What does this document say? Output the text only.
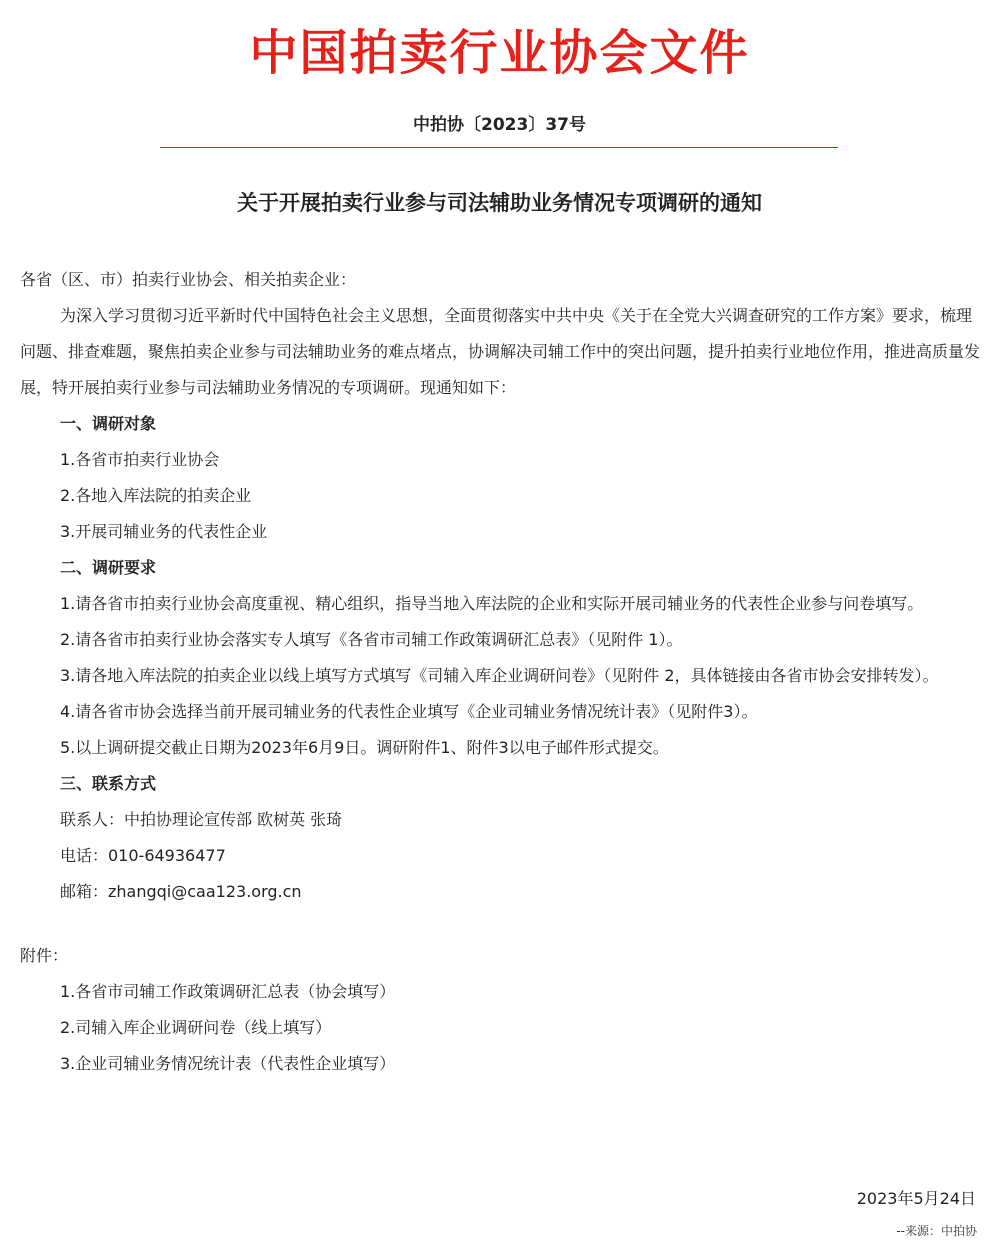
中国拍卖行业协会文件
中拍协〔2023〕37号
关于开展拍卖行业参与司法辅助业务情况专项调研的通知

各省（区、市）拍卖行业协会、相关拍卖企业：

为深入学习贯彻习近平新时代中国特色社会主义思想，全面贯彻落实中共中央《关于在全党大兴调查研究的工作方案》要求，梳理问题、排查难题，聚焦拍卖企业参与司法辅助业务的难点堵点，协调解决司辅工作中的突出问题，提升拍卖行业地位作用，推进高质量发展，特开展拍卖行业参与司法辅助业务情况的专项调研。现通知如下：

一、调研对象

1.各省市拍卖行业协会

2.各地入库法院的拍卖企业

3.开展司辅业务的代表性企业

二、调研要求

1.请各省市拍卖行业协会高度重视、精心组织，指导当地入库法院的企业和实际开展司辅业务的代表性企业参与问卷填写。

2.请各省市拍卖行业协会落实专人填写《各省市司辅工作政策调研汇总表》（见附件 1）。

3.请各地入库法院的拍卖企业以线上填写方式填写《司辅入库企业调研问卷》（见附件 2，具体链接由各省市协会安排转发）。

4.请各省市协会选择当前开展司辅业务的代表性企业填写《企业司辅业务情况统计表》（见附件3）。

5.以上调研提交截止日期为2023年6月9日。调研附件1、附件3以电子邮件形式提交。

三、联系方式

联系人：中拍协理论宣传部 欧树英 张琦

电话：010-64936477

邮箱：zhangqi@caa123.org.cn

附件：

1.各省市司辅工作政策调研汇总表（协会填写）

2.司辅入库企业调研问卷（线上填写）

3.企业司辅业务情况统计表（代表性企业填写）

2023年5月24日
--来源：中拍协
